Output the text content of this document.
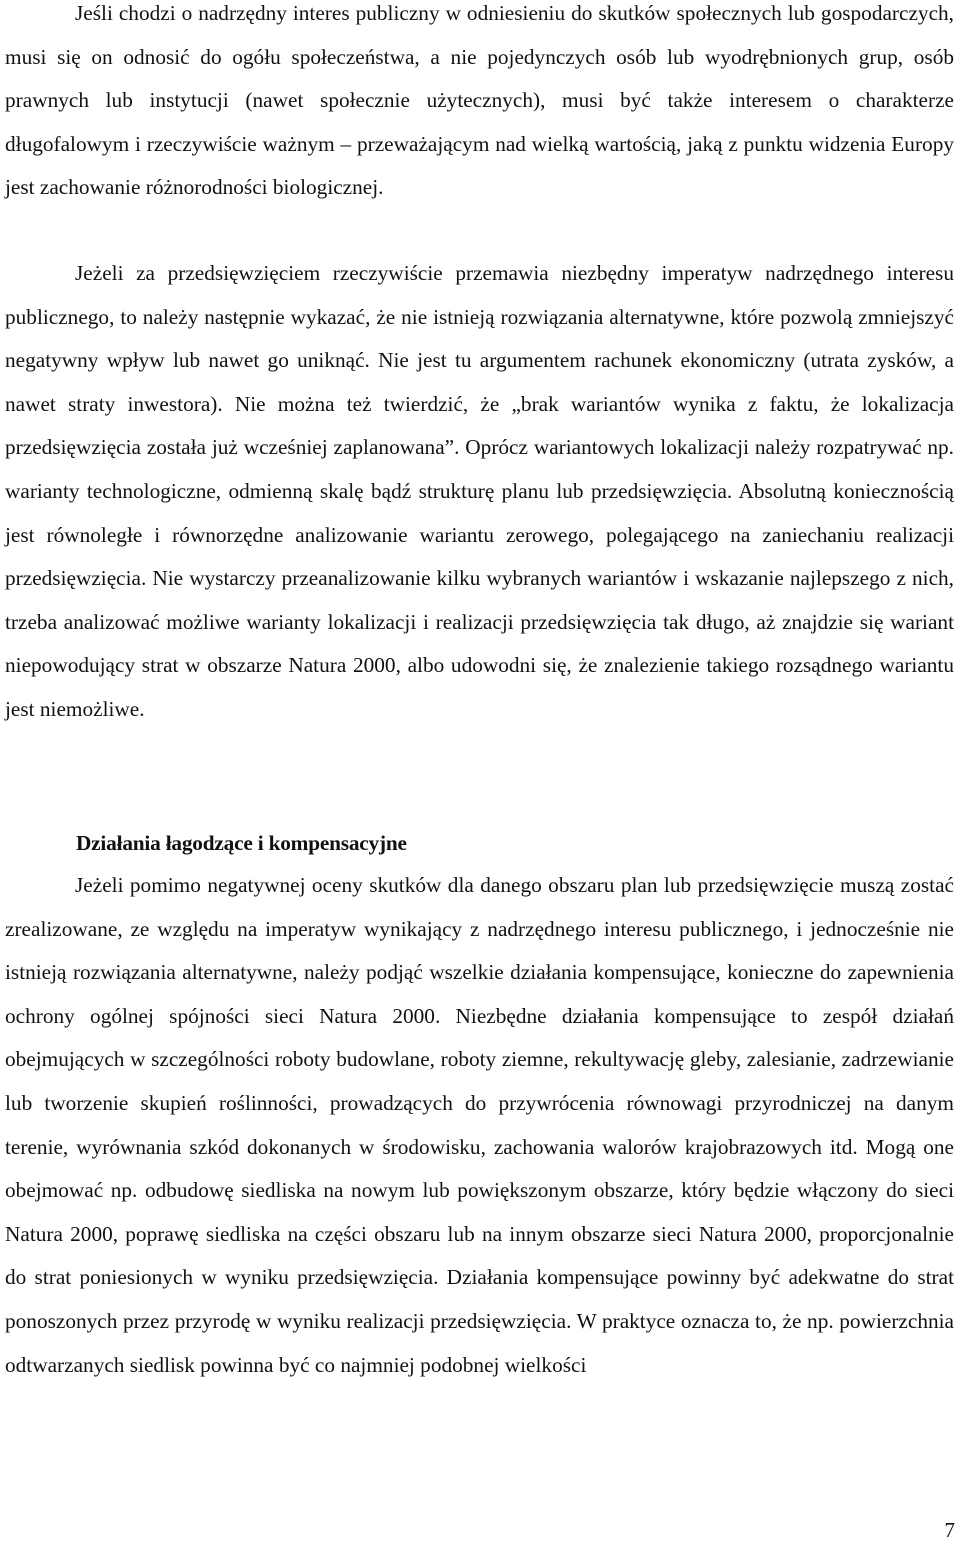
Jeśli chodzi o nadrzędny interes publiczny w odniesieniu do skutków społecznych lub gospodarczych, musi się on odnosić do ogółu społeczeństwa, a nie pojedynczych osób lub wyodrębnionych grup, osób prawnych lub instytucji (nawet społecznie użytecznych), musi być także interesem o charakterze długofalowym i rzeczywiście ważnym – przeważającym nad wielką wartością, jaką z punktu widzenia Europy jest zachowanie różnorodności biologicznej.

Jeżeli za przedsięwzięciem rzeczywiście przemawia niezbędny imperatyw nadrzędnego interesu publicznego, to należy następnie wykazać, że nie istnieją rozwiązania alternatywne, które pozwolą zmniejszyć negatywny wpływ lub nawet go uniknąć. Nie jest tu argumentem rachunek ekonomiczny (utrata zysków, a nawet straty inwestora). Nie można też twierdzić, że „brak wariantów wynika z faktu, że lokalizacja przedsięwzięcia została już wcześniej zaplanowana”. Oprócz wariantowych lokalizacji należy rozpatrywać np. warianty technologiczne, odmienną skalę bądź strukturę planu lub przedsięwzięcia. Absolutną koniecznością jest równoległe i równorzędne analizowanie wariantu zerowego, polegającego na zaniechaniu realizacji przedsięwzięcia. Nie wystarczy przeanalizowanie kilku wybranych wariantów i wskazanie najlepszego z nich, trzeba analizować możliwe warianty lokalizacji i realizacji przedsięwzięcia tak długo, aż znajdzie się wariant niepowodujący strat w obszarze Natura 2000, albo udowodni się, że znalezienie takiego rozsądnego wariantu jest niemożliwe.

Działania łagodzące i kompensacyjne

Jeżeli pomimo negatywnej oceny skutków dla danego obszaru plan lub przedsięwzięcie muszą zostać zrealizowane, ze względu na imperatyw wynikający z nadrzędnego interesu publicznego, i jednocześnie nie istnieją rozwiązania alternatywne, należy podjąć wszelkie działania kompensujące, konieczne do zapewnienia ochrony ogólnej spójności sieci Natura 2000. Niezbędne działania kompensujące to zespół działań obejmujących w szczególności roboty budowlane, roboty ziemne, rekultywację gleby, zalesianie, zadrzewianie lub tworzenie skupień roślinności, prowadzących do przywrócenia równowagi przyrodniczej na danym terenie, wyrównania szkód dokonanych w środowisku, zachowania walorów krajobrazowych itd. Mogą one obejmować np. odbudowę siedliska na nowym lub powiększonym obszarze, który będzie włączony do sieci Natura 2000, poprawę siedliska na części obszaru lub na innym obszarze sieci Natura 2000, proporcjonalnie do strat poniesionych w wyniku przedsięwzięcia. Działania kompensujące powinny być adekwatne do strat ponoszonych przez przyrodę w wyniku realizacji przedsięwzięcia. W praktyce oznacza to, że np. powierzchnia odtwarzanych siedlisk powinna być co najmniej podobnej wielkości

7
